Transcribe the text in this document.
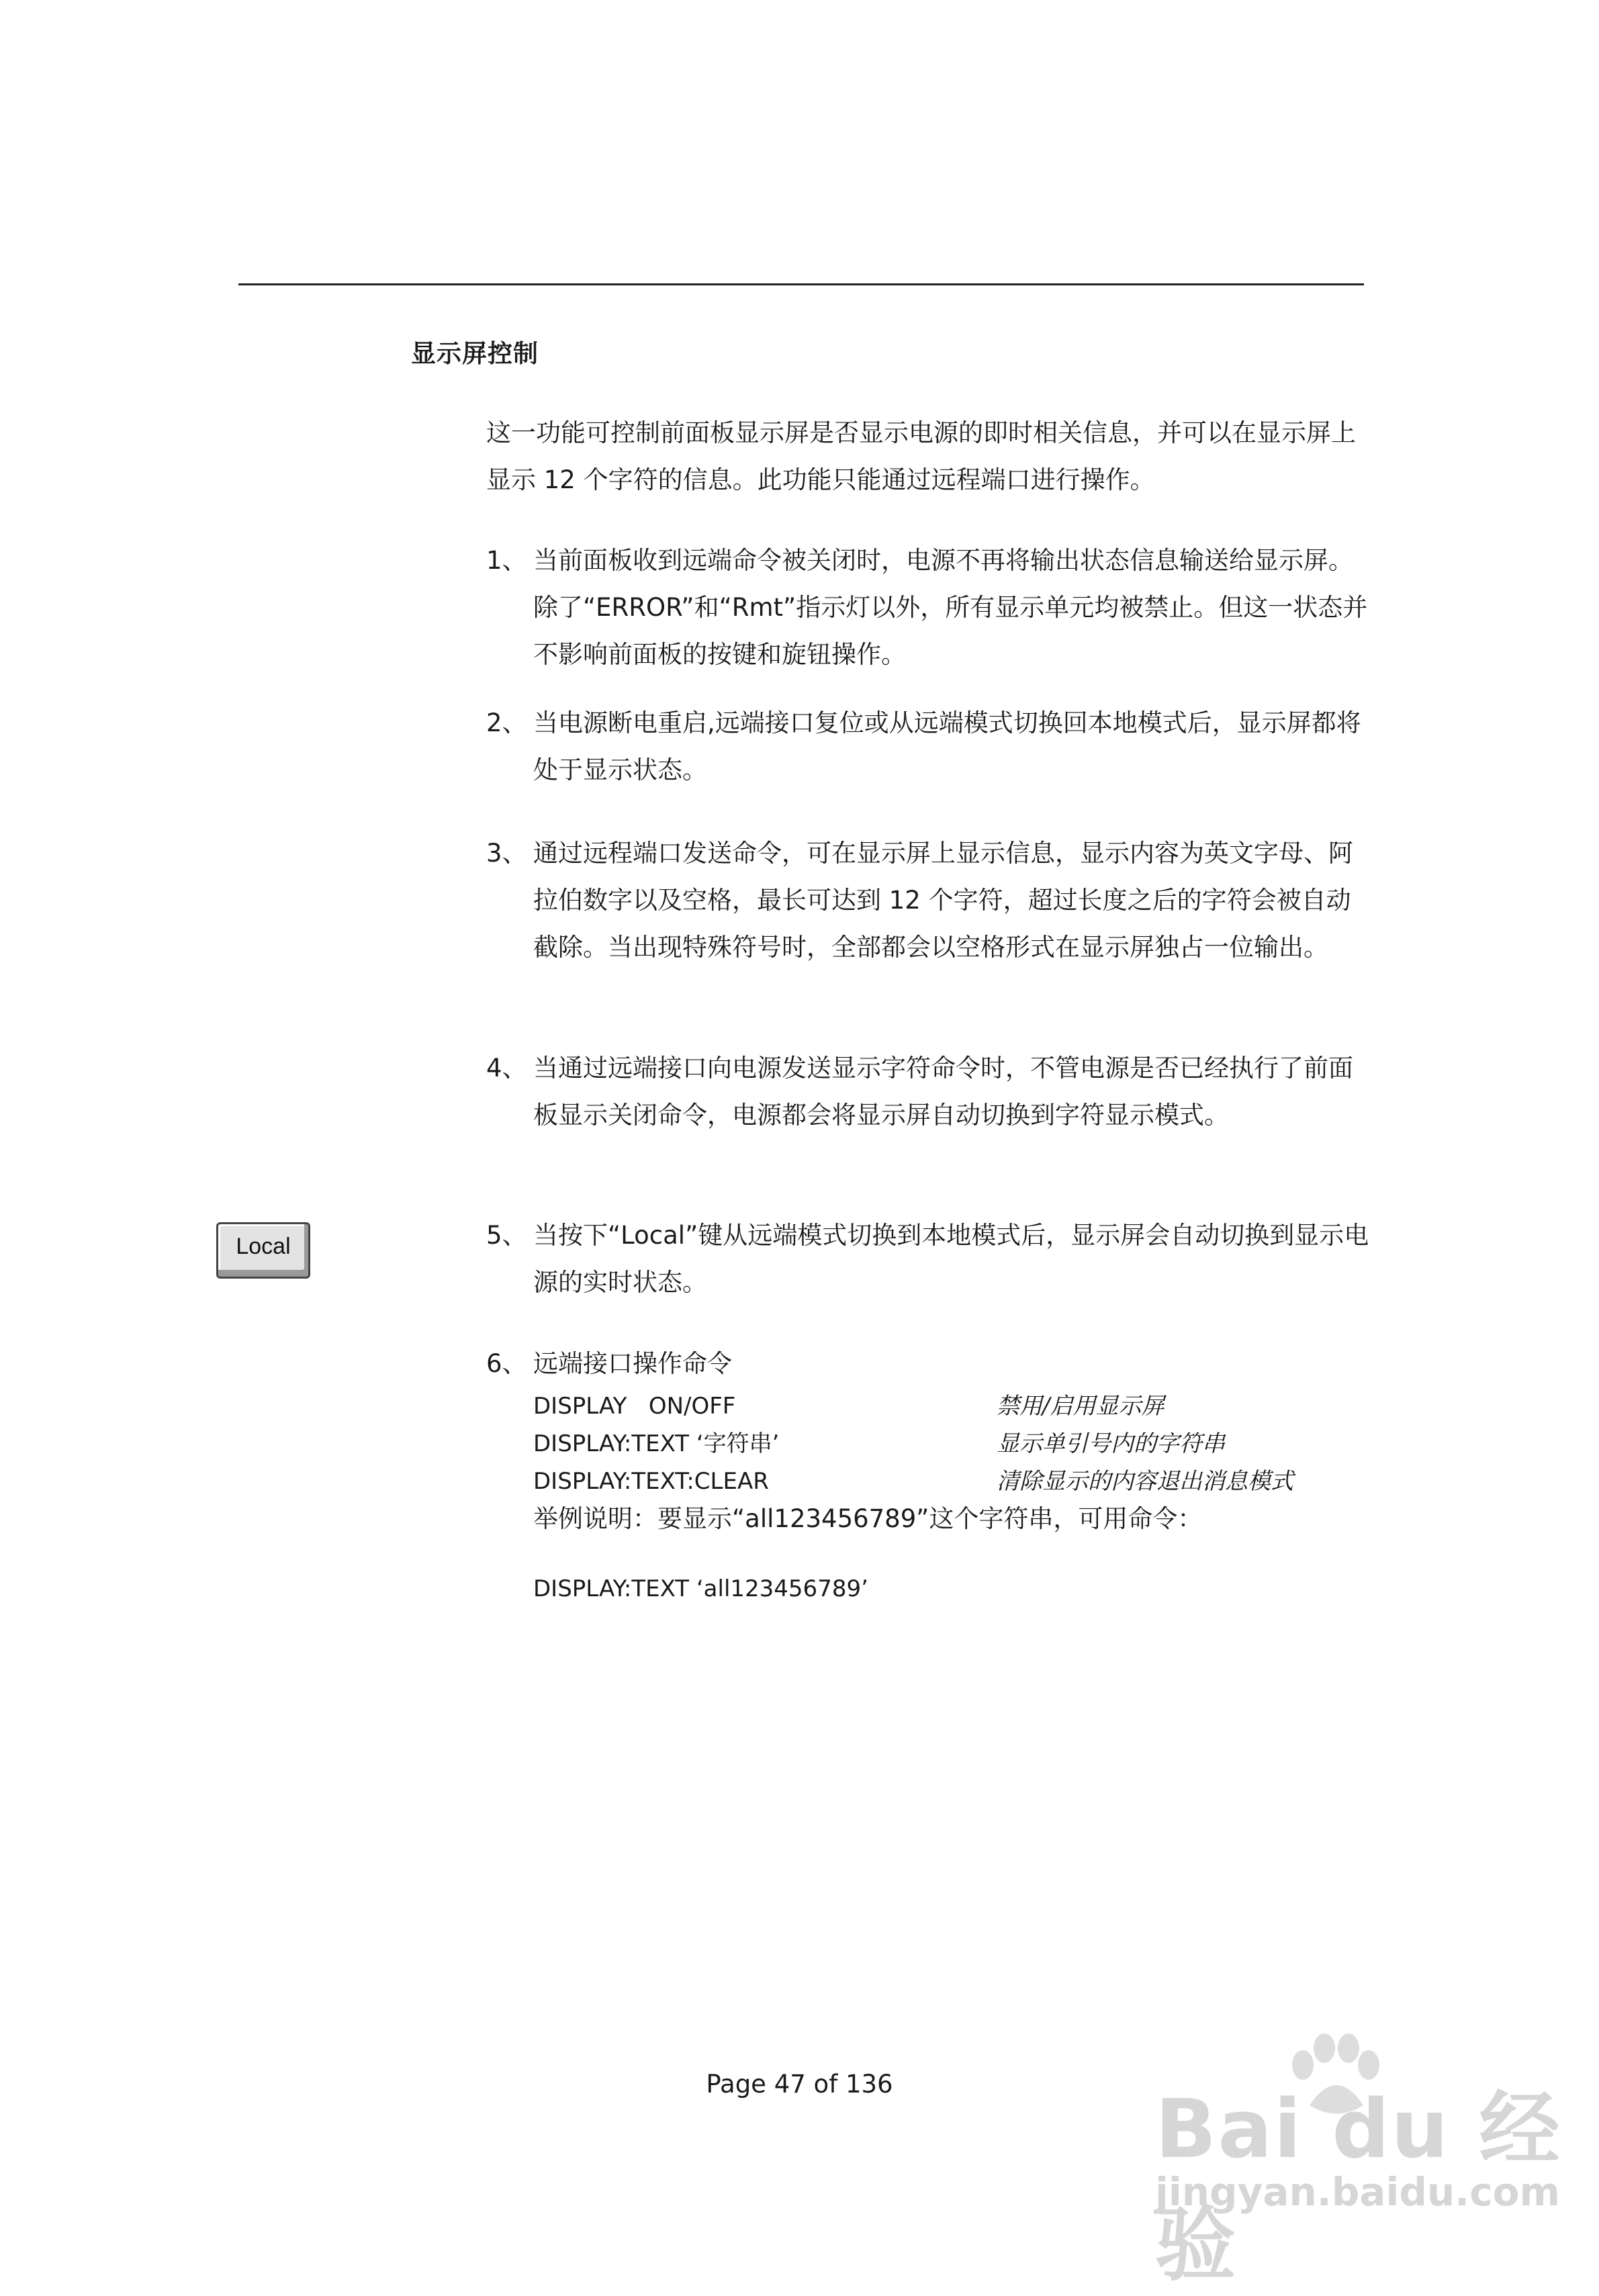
显示屏控制
这一功能可控制前面板显示屏是否显示电源的即时相关信息，并可以在显示屏上显示 12 个字符的信息。此功能只能通过远程端口进行操作。
1、 当前面板收到远端命令被关闭时，电源不再将输出状态信息输送给显示屏。除了“ERROR”和“Rmt”指示灯以外，所有显示单元均被禁止。但这一状态并不影响前面板的按键和旋钮操作。
2、 当电源断电重启,远端接口复位或从远端模式切换回本地模式后，显示屏都将处于显示状态。
3、 通过远程端口发送命令，可在显示屏上显示信息，显示内容为英文字母、阿拉伯数字以及空格，最长可达到 12 个字符，超过长度之后的字符会被自动截除。当出现特殊符号时，全部都会以空格形式在显示屏独占一位输出。
4、 当通过远端接口向电源发送显示字符命令时，不管电源是否已经执行了前面板显示关闭命令，电源都会将显示屏自动切换到字符显示模式。
Local	5、 当按下“Local”键从远端模式切换到本地模式后，显示屏会自动切换到显示电源的实时状态。
6、 远端接口操作命令
DISPLAY   ON/OFF	禁用/启用显示屏
DISPLAY:TEXT ‘字符串’	显示单引号内的字符串
DISPLAY:TEXT:CLEAR	清除显示的内容退出消息模式
举例说明：要显示“all123456789”这个字符串，可用命令：
DISPLAY:TEXT ‘all123456789’
Page 47 of 136	Bai du 经验
jingyan.baidu.com
